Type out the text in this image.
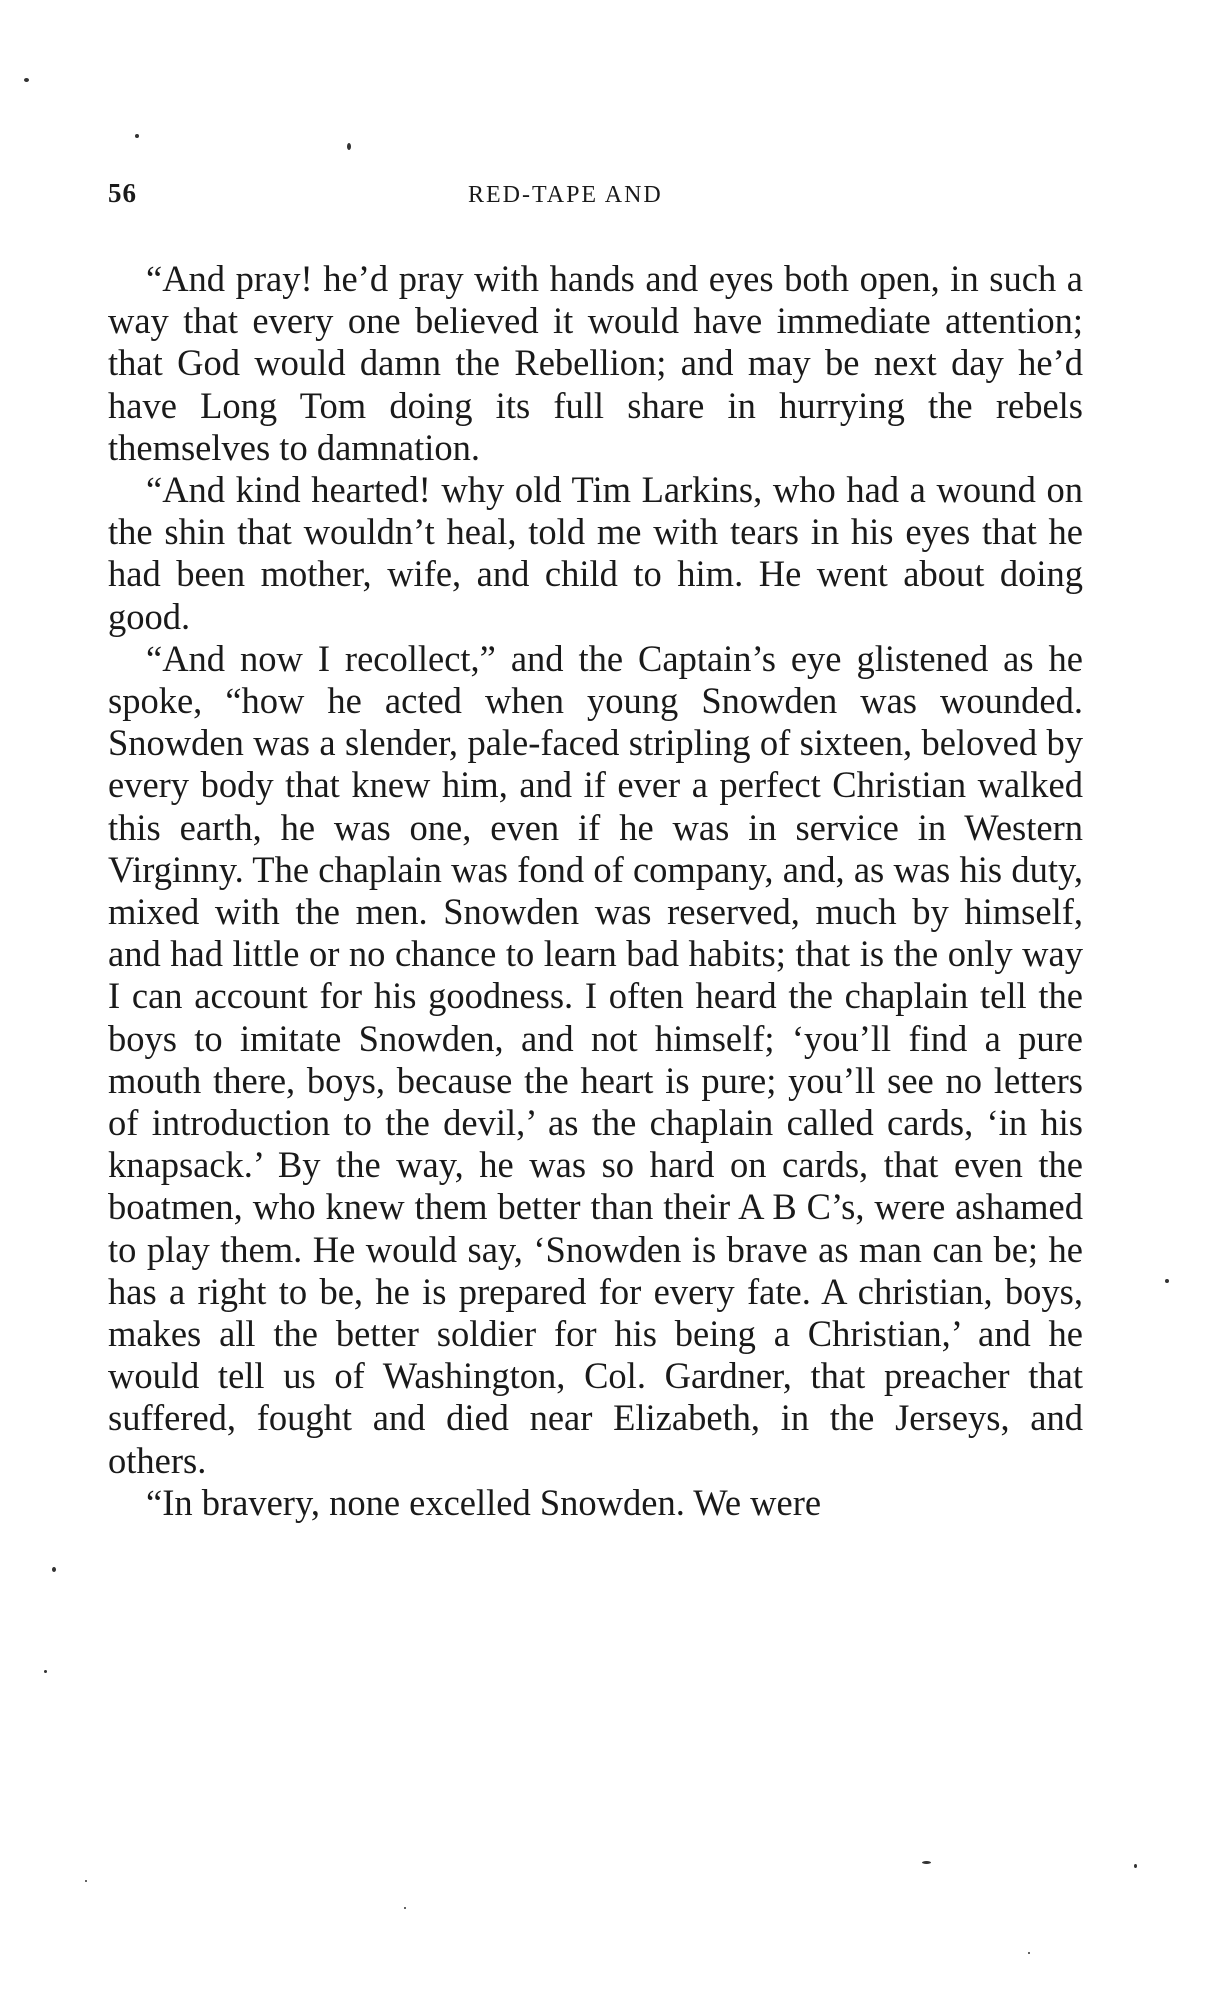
56	RED-TAPE AND

“And pray! he’d pray with hands and eyes both open, in such a way that every one believed it would have immediate attention; that God would damn the Rebellion; and may be next day he’d have Long Tom doing its full share in hurrying the rebels themselves to damnation.

“And kind hearted! why old Tim Larkins, who had a wound on the shin that wouldn’t heal, told me with tears in his eyes that he had been mother, wife, and child to him. He went about doing good.

“And now I recollect,” and the Captain’s eye glistened as he spoke, “how he acted when young Snowden was wounded. Snowden was a slender, pale-faced stripling of sixteen, beloved by every body that knew him, and if ever a perfect Christian walked this earth, he was one, even if he was in service in Western Virginny. The chaplain was fond of company, and, as was his duty, mixed with the men. Snowden was reserved, much by himself, and had little or no chance to learn bad habits; that is the only way I can account for his goodness. I often heard the chaplain tell the boys to imitate Snowden, and not himself; ‘you’ll find a pure mouth there, boys, because the heart is pure; you’ll see no letters of introduction to the devil,’ as the chaplain called cards, ‘in his knapsack.’ By the way, he was so hard on cards, that even the boatmen, who knew them better than their A B C’s, were ashamed to play them. He would say, ‘Snowden is brave as man can be; he has a right to be, he is prepared for every fate. A christian, boys, makes all the better soldier for his being a Christian,’ and he would tell us of Washington, Col. Gardner, that preacher that suffered, fought and died near Elizabeth, in the Jerseys, and others.

“In bravery, none excelled Snowden. We were
